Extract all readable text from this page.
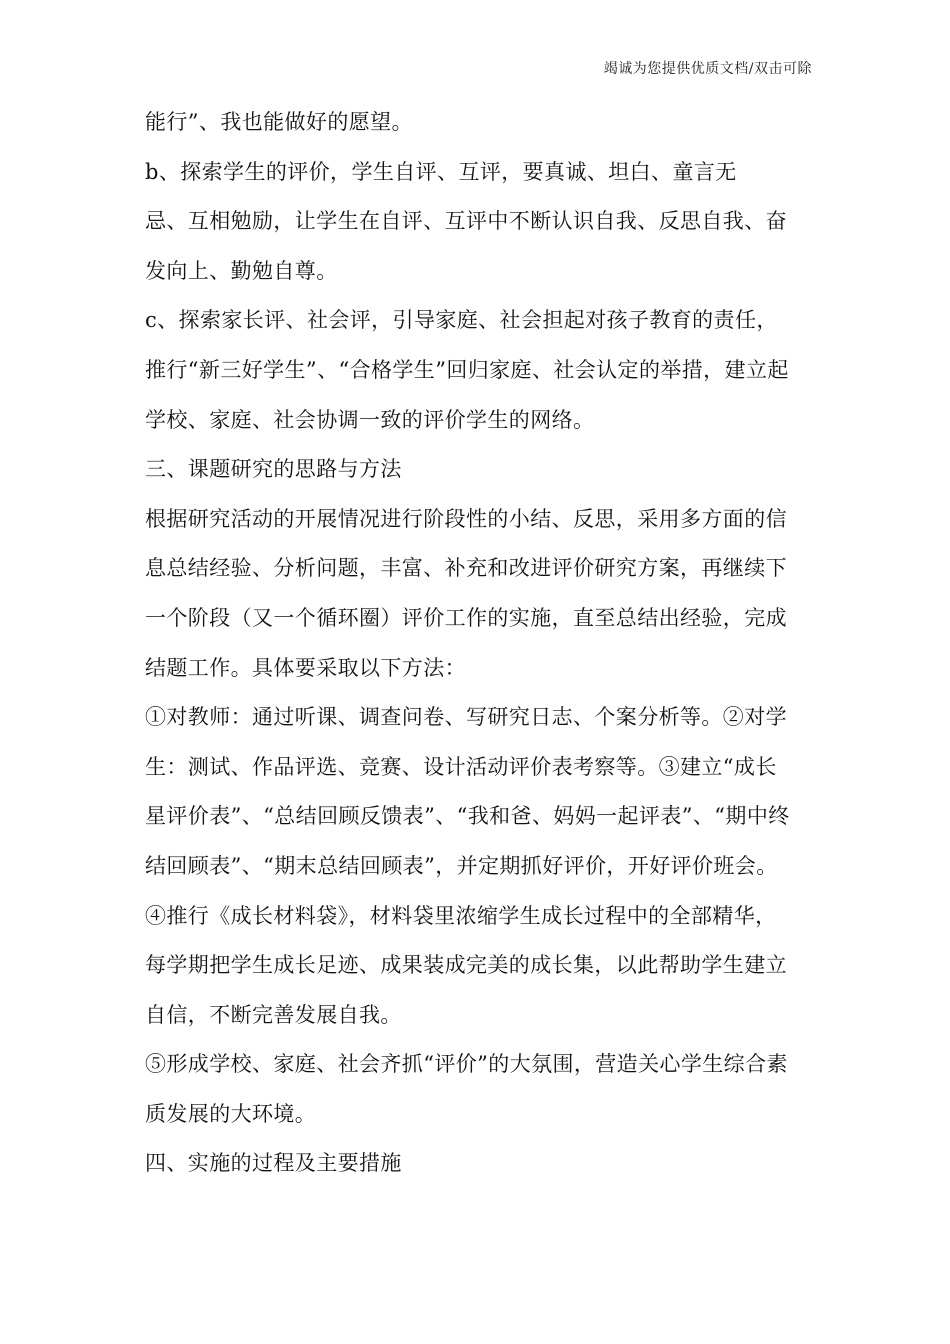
竭诚为您提供优质文档/双击可除
能行”、我也能做好的愿望。
b、探索学生的评价，学生自评、互评，要真诚、坦白、童言无
忌、互相勉励，让学生在自评、互评中不断认识自我、反思自我、奋
发向上、勤勉自尊。
c、探索家长评、社会评，引导家庭、社会担起对孩子教育的责任，
推行“新三好学生”、“合格学生”回归家庭、社会认定的举措，建立起
学校、家庭、社会协调一致的评价学生的网络。
三、课题研究的思路与方法
根据研究活动的开展情况进行阶段性的小结、反思，采用多方面的信
息总结经验、分析问题，丰富、补充和改进评价研究方案，再继续下
一个阶段（又一个循环圈）评价工作的实施，直至总结出经验，完成
结题工作。具体要采取以下方法：
①对教师：通过听课、调查问卷、写研究日志、个案分析等。②对学
生：测试、作品评选、竞赛、设计活动评价表考察等。③建立“成长
星评价表”、“总结回顾反馈表”、“我和爸、妈妈一起评表”、“期中终
结回顾表”、“期末总结回顾表”，并定期抓好评价，开好评价班会。
④推行《成长材料袋》，材料袋里浓缩学生成长过程中的全部精华，
每学期把学生成长足迹、成果装成完美的成长集，以此帮助学生建立
自信，不断完善发展自我。
⑤形成学校、家庭、社会齐抓“评价”的大氛围，营造关心学生综合素
质发展的大环境。
四、实施的过程及主要措施
